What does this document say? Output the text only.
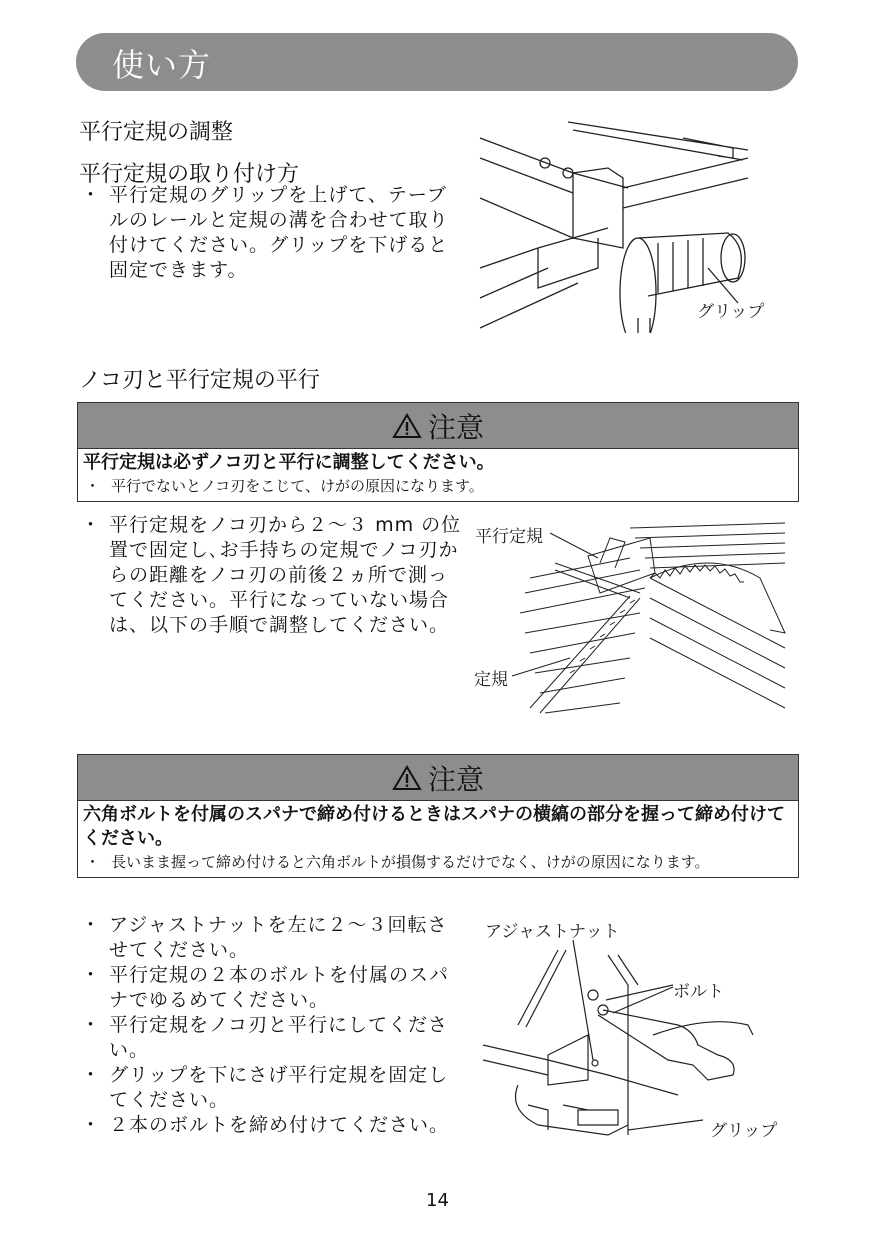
使い方
平行定規の調整
平行定規の取り付け方
・ 平行定規のグリップを上げて、テーブルのレールと定規の溝を合わせて取り付けてください。グリップを下げると固定できます。
グリップ
ノコ刃と平行定規の平行
注意
平行定規は必ずノコ刃と平行に調整してください。
・ 平行でないとノコ刃をこじて、けがの原因になります。
・ 平行定規をノコ刃から２～３ mm の位置で固定し､お手持ちの定規でノコ刃からの距離をノコ刃の前後２ヵ所で測ってください。平行になっていない場合は、以下の手順で調整してください。
平行定規
定規
注意
六角ボルトを付属のスパナで締め付けるときはスパナの横縞の部分を握って締め付けてください。
・ 長いまま握って締め付けると六角ボルトが損傷するだけでなく、けがの原因になります。
・ アジャストナットを左に２～３回転させてください。
・ 平行定規の２本のボルトを付属のスパナでゆるめてください。
・ 平行定規をノコ刃と平行にしてください。
・ グリップを下にさげ平行定規を固定してください。
・ ２本のボルトを締め付けてください。
アジャストナット
ボルト
グリップ
14
